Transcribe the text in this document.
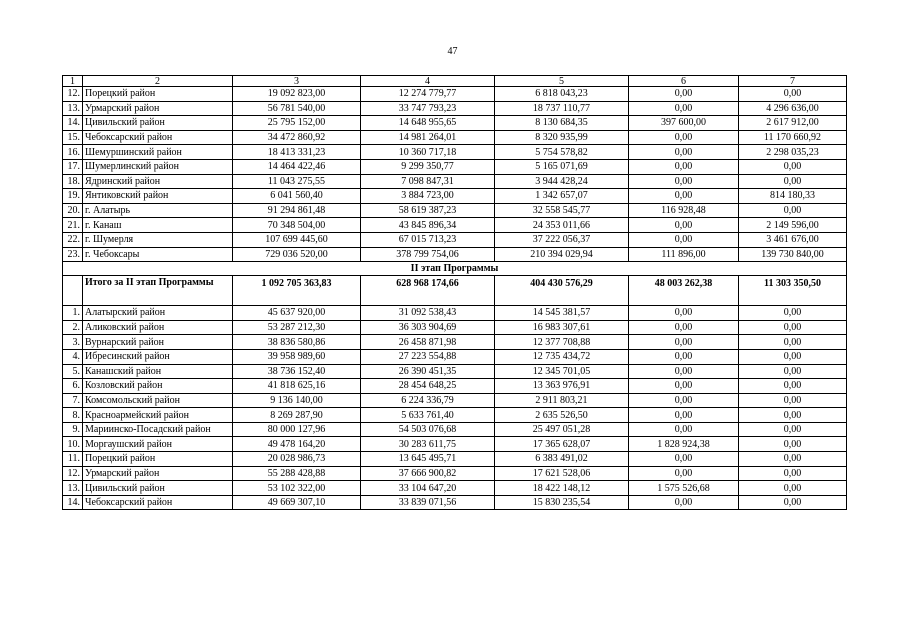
47
1	2	3	4	5	6	7
12.	Порецкий район	19 092 823,00	12 274 779,77	6 818 043,23	0,00	0,00
13.	Урмарский район	56 781 540,00	33 747 793,23	18 737 110,77	0,00	4 296 636,00
14.	Цивильский район	25 795 152,00	14 648 955,65	8 130 684,35	397 600,00	2 617 912,00
15.	Чебоксарский район	34 472 860,92	14 981 264,01	8 320 935,99	0,00	11 170 660,92
16.	Шемуршинский район	18 413 331,23	10 360 717,18	5 754 578,82	0,00	2 298 035,23
17.	Шумерлинский район	14 464 422,46	9 299 350,77	5 165 071,69	0,00	0,00
18.	Ядринский район	11 043 275,55	7 098 847,31	3 944 428,24	0,00	0,00
19.	Янтиковский район	6 041 560,40	3 884 723,00	1 342 657,07	0,00	814 180,33
20.	г. Алатырь	91 294 861,48	58 619 387,23	32 558 545,77	116 928,48	0,00
21.	г. Канаш	70 348 504,00	43 845 896,34	24 353 011,66	0,00	2 149 596,00
22.	г. Шумерля	107 699 445,60	67 015 713,23	37 222 056,37	0,00	3 461 676,00
23.	г. Чебоксары	729 036 520,00	378 799 754,06	210 394 029,94	111 896,00	139 730 840,00
II этап Программы						
	Итого за II этап Программы	1 092 705 363,83	628 968 174,66	404 430 576,29	48 003 262,38	11 303 350,50
1.	Алатырский район	45 637 920,00	31 092 538,43	14 545 381,57	0,00	0,00
2.	Аликовский район	53 287 212,30	36 303 904,69	16 983 307,61	0,00	0,00
3.	Вурнарский район	38 836 580,86	26 458 871,98	12 377 708,88	0,00	0,00
4.	Ибресинский район	39 958 989,60	27 223 554,88	12 735 434,72	0,00	0,00
5.	Канашский район	38 736 152,40	26 390 451,35	12 345 701,05	0,00	0,00
6.	Козловский район	41 818 625,16	28 454 648,25	13 363 976,91	0,00	0,00
7.	Комсомольский район	9 136 140,00	6 224 336,79	2 911 803,21	0,00	0,00
8.	Красноармейский район	8 269 287,90	5 633 761,40	2 635 526,50	0,00	0,00
9.	Мариинско-Посадский район	80 000 127,96	54 503 076,68	25 497 051,28	0,00	0,00
10.	Моргаушский район	49 478 164,20	30 283 611,75	17 365 628,07	1 828 924,38	0,00
11.	Порецкий район	20 028 986,73	13 645 495,71	6 383 491,02	0,00	0,00
12.	Урмарский район	55 288 428,88	37 666 900,82	17 621 528,06	0,00	0,00
13.	Цивильский район	53 102 322,00	33 104 647,20	18 422 148,12	1 575 526,68	0,00
14.	Чебоксарский район	49 669 307,10	33 839 071,56	15 830 235,54	0,00	0,00
